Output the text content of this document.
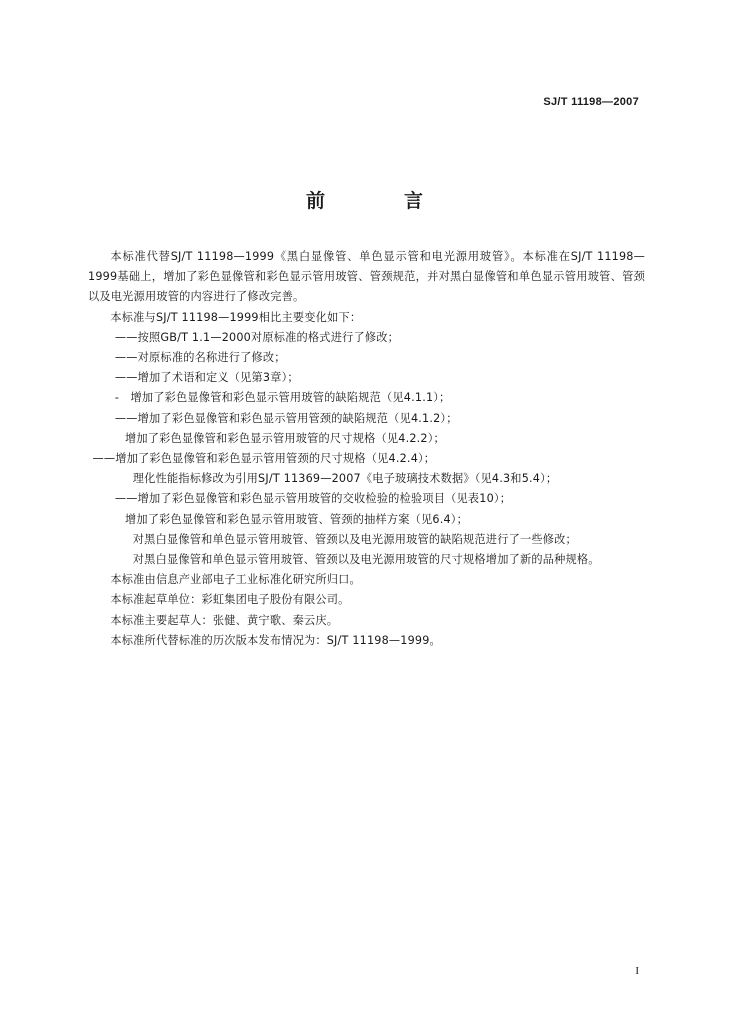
SJ/T 11198—2007
前　言

本标准代替SJ/T 11198—1999《黑白显像管、单色显示管和电光源用玻管》。本标准在SJ/T 11198—1999基础上，增加了彩色显像管和彩色显示管用玻管、管颈规范，并对黑白显像管和单色显示管用玻管、管颈以及电光源用玻管的内容进行了修改完善。

本标准与SJ/T 11198—1999相比主要变化如下：

——按照GB/T 1.1—2000对原标准的格式进行了修改；

——对原标准的名称进行了修改；

——增加了术语和定义（见第3章）；

-　增加了彩色显像管和彩色显示管用玻管的缺陷规范（见4.1.1）；

——增加了彩色显像管和彩色显示管用管颈的缺陷规范（见4.1.2）；

增加了彩色显像管和彩色显示管用玻管的尺寸规格（见4.2.2）；

——增加了彩色显像管和彩色显示管用管颈的尺寸规格（见4.2.4）；

理化性能指标修改为引用SJ/T 11369—2007《电子玻璃技术数据》（见4.3和5.4）；

——增加了彩色显像管和彩色显示管用玻管的交收检验的检验项目（见表10）；

增加了彩色显像管和彩色显示管用玻管、管颈的抽样方案（见6.4）；

对黑白显像管和单色显示管用玻管、管颈以及电光源用玻管的缺陷规范进行了一些修改；

对黑白显像管和单色显示管用玻管、管颈以及电光源用玻管的尺寸规格增加了新的品种规格。

本标准由信息产业部电子工业标准化研究所归口。

本标准起草单位：彩虹集团电子股份有限公司。

本标准主要起草人：张健、黄宁歌、秦云庆。

本标准所代替标准的历次版本发布情况为：SJ/T 11198—1999。

I
